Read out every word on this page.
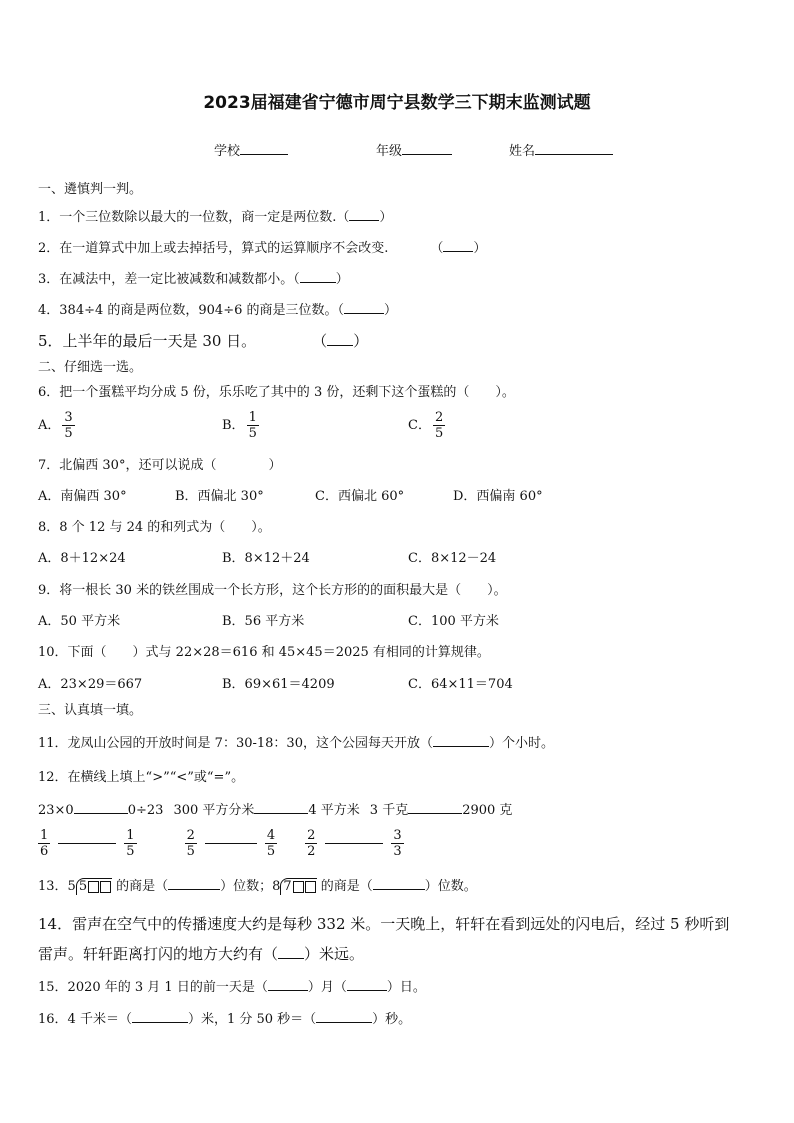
2023届福建省宁德市周宁县数学三下期末监测试题
学校	年级	姓名
一、遴慎判一判。
1．一个三位数除以最大的一位数，商一定是两位数.（ ）
2．在一道算式中加上或去掉括号，算式的运算顺序不会改变.	（ ）
3．在减法中，差一定比被减数和减数都小。（	）
4．384÷4 的商是两位数，904÷6 的商是三位数。（	）
5．上半年的最后一天是 30 日。	（ ）
二、仔细选一选。
6．把一个蛋糕平均分成 5 份，乐乐吃了其中的 3 份，还剩下这个蛋糕的（　　）。
A． $\frac{3}{5}$	B． $\frac{1}{5}$	C． $\frac{2}{5}$
7．北偏西 30°，还可以说成（　　　　）
A．南偏西 30°	B．西偏北 30°	C．西偏北 60°	D．西偏南 60°
8．8 个 12 与 24 的和列式为（　　）。
A．8＋12×24	B．8×12＋24	C．8×12－24
9．将一根长 30 米的铁丝围成一个长方形，这个长方形的的面积最大是（　　）。
A．50 平方米	B．56 平方米	C．100 平方米
10．下面（　　）式与 22×28＝616 和 45×45＝2025 有相同的计算规律。
A．23×29＝667	B．69×61＝4209	C．64×11＝704
三、认真填一填。
11．龙凤山公园的开放时间是 7：30-18：30，这个公园每天开放（	）个小时。
12．在横线上填上“>”“<”或“=”。
23×0	0÷23 300 平方分米	4 平方米 3 千克	2900 克
$\frac{1}{6}$	$\frac{1}{5}$	$\frac{2}{5}$	$\frac{4}{5} \frac{2}{2}$	$\frac{3}{3}$
13． 5 5 的商是（	）位数； 8 7 的商是（	）位数。
14．雷声在空气中的传播速度大约是每秒 332 米。一天晚上，轩轩在看到远处的闪电后，经过 5 秒听到
雷声。轩轩距离打闪的地方大约有（ ）米远。
15．2020 年的 3 月 1 日的前一天是（	）月（	）日。
16．4 千米＝（	）米，1 分 50 秒＝（	）秒。
